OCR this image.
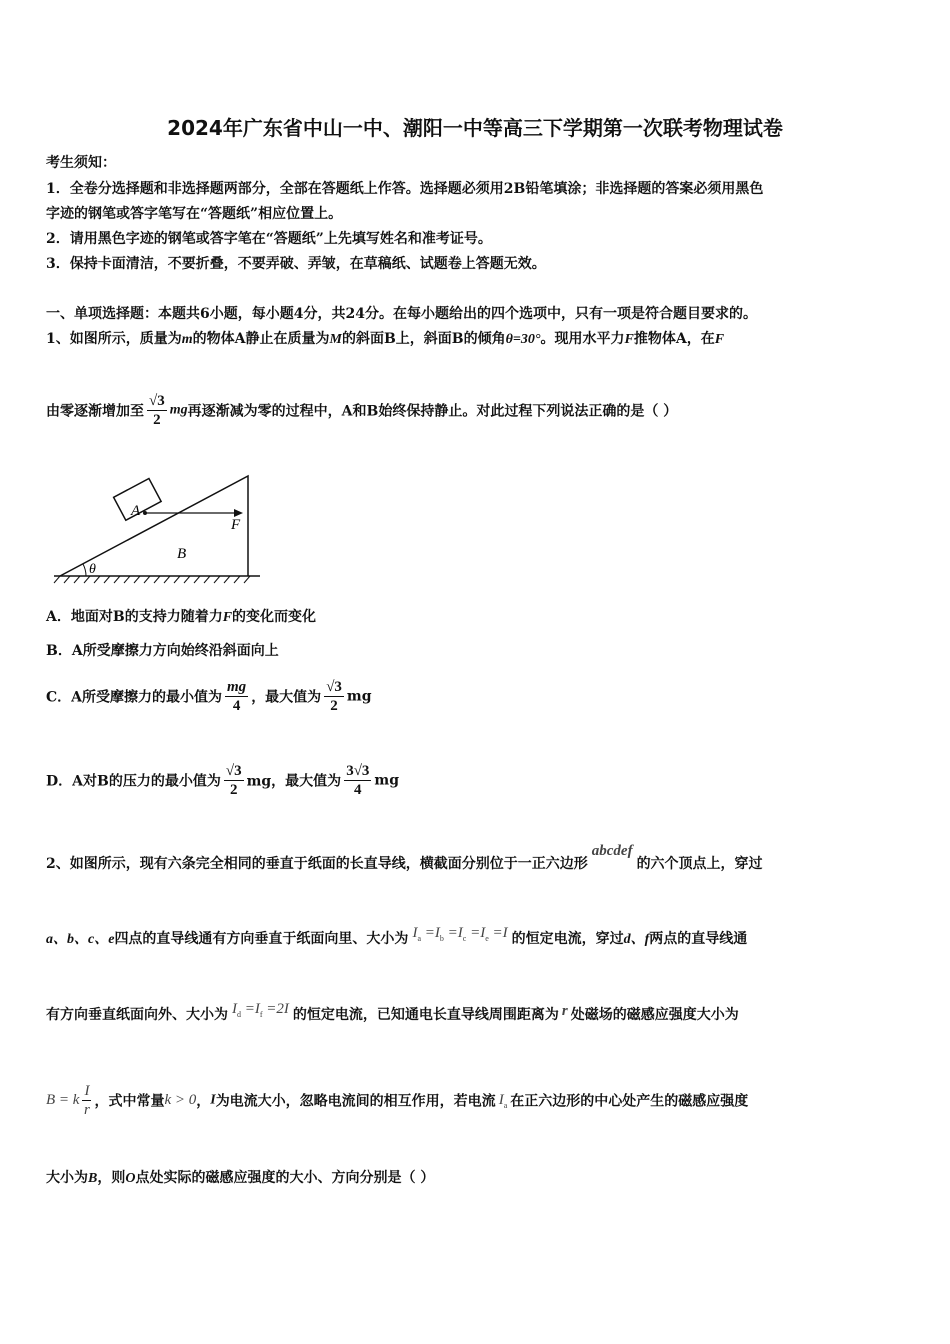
2024年广东省中山一中、潮阳一中等高三下学期第一次联考物理试卷
考生须知：
1．全卷分选择题和非选择题两部分，全部在答题纸上作答。选择题必须用2B铅笔填涂；非选择题的答案必须用黑色
字迹的钢笔或答字笔写在“答题纸”相应位置上。
2．请用黑色字迹的钢笔或答字笔在“答题纸”上先填写姓名和准考证号。
3．保持卡面清洁，不要折叠，不要弄破、弄皱，在草稿纸、试题卷上答题无效。
一、单项选择题：本题共6小题，每小题4分，共24分。在每小题给出的四个选项中，只有一项是符合题目要求的。
1、如图所示，质量为m的物体A静止在质量为M的斜面B上，斜面B的倾角θ=30°。现用水平力F推物体A，在F
由零逐渐增加至 $\frac{√3}{2}$ mg再逐渐减为零的过程中，A和B始终保持静止。对此过程下列说法正确的是（ ）
A
B
F
θ
A．地面对B的支持力随着力F的变化而变化
B．A所受摩擦力方向始终沿斜面向上
C．A所受摩擦力的最小值为 $\frac{mg}{4}$ ，最大值为 $\frac{√3}{2}$ mg
D．A对B的压力的最小值为 $\frac{√3}{2}$ mg，最大值为 $\frac{3√3}{4}$ mg
2、如图所示，现有六条完全相同的垂直于纸面的长直导线，横截面分别位于一正六边形abcdef的六个顶点上，穿过
a、b、c、e四点的直导线通有方向垂直于纸面向里、大小为 $I_a =I_b =I_c =I_e =I$ 的恒定电流，穿过d、f两点的直导线通
有方向垂直纸面向外、大小为 $I_d =I_f =2I$ 的恒定电流，已知通电长直导线周围距离为 r 处磁场的磁感应强度大小为
B = k $\frac{I}{r}$ ，式中常量k > 0，I为电流大小，忽略电流间的相互作用，若电流 $I_a$ 在正六边形的中心处产生的磁感应强度
大小为B，则O点处实际的磁感应强度的大小、方向分别是（ ）
